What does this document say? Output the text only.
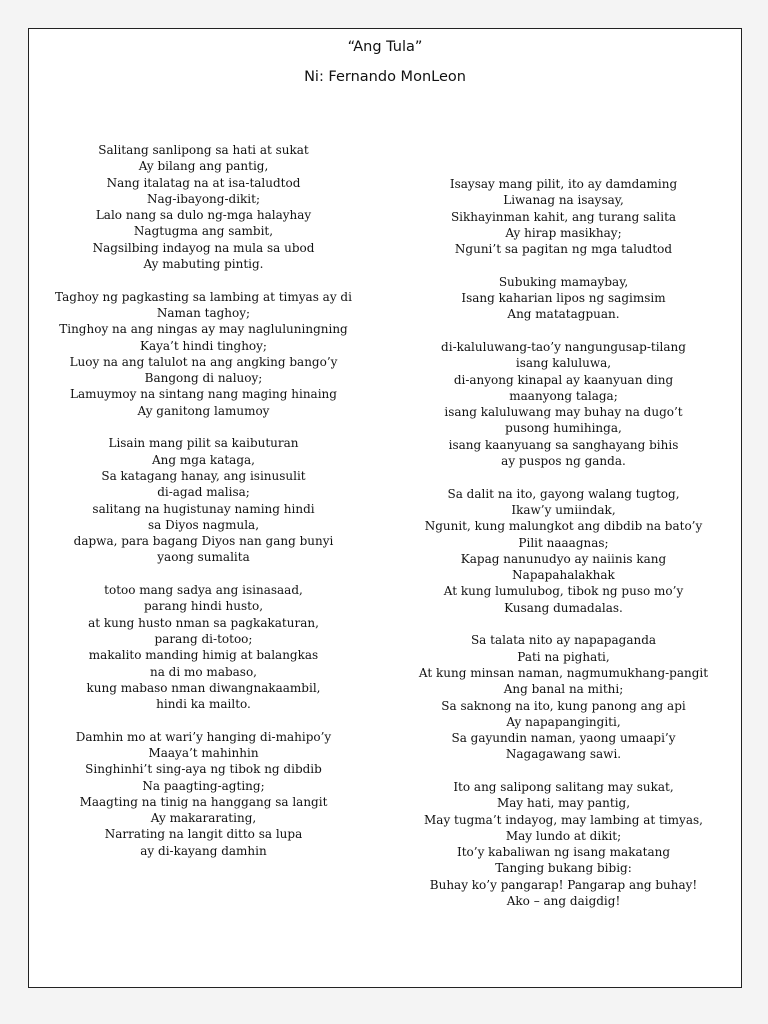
“Ang Tula”
Ni: Fernando MonLeon
Salitang sanlipong sa hati at sukat
Ay bilang ang pantig,
Nang italatag na at isa-taludtod
Nag-ibayong-dikit;
Lalo nang sa dulo ng-mga halayhay
Nagtugma ang sambit,
Nagsilbing indayog na mula sa ubod
Ay mabuting pintig.
Taghoy ng pagkasting sa lambing at timyas ay di
Naman taghoy;
Tinghoy na ang ningas ay may nagluluningning
Kaya’t hindi tinghoy;
Luoy na ang talulot na ang angking bango’y
Bangong di naluoy;
Lamuymoy na sintang nang maging hinaing
Ay ganitong lamumoy
Lisain mang pilit sa kaibuturan
Ang mga kataga,
Sa katagang hanay, ang isinusulit
di-agad malisa;
salitang na hugistunay naming hindi
sa Diyos nagmula,
dapwa, para bagang Diyos nan gang bunyi
yaong sumalita
totoo mang sadya ang isinasaad,
parang hindi husto,
at kung husto nman sa pagkakaturan,
parang di-totoo;
makalito manding himig at balangkas
na di mo mabaso,
kung mabaso nman diwangnakaambil,
hindi ka mailto.
Damhin mo at wari’y hanging di-mahipo’y
Maaya’t mahinhin
Singhinhi’t sing-aya ng tibok ng dibdib
Na paagting-agting;
Maagting na tinig na hanggang sa langit
Ay makararating,
Narrating na langit ditto sa lupa
ay di-kayang damhin
Isaysay mang pilit, ito ay damdaming
Liwanag na isaysay,
Sikhayinman kahit, ang turang salita
Ay hirap masikhay;
Nguni’t sa pagitan ng mga taludtod
Subuking mamaybay,
Isang kaharian lipos ng sagimsim
Ang matatagpuan.
di-kaluluwang-tao’y nangungusap-tilang
isang kaluluwa,
di-anyong kinapal ay kaanyuan ding
maanyong talaga;
isang kaluluwang may buhay na dugo’t
pusong humihinga,
isang kaanyuang sa sanghayang bihis
ay puspos ng ganda.
Sa dalit na ito, gayong walang tugtog,
Ikaw’y umiindak,
Ngunit, kung malungkot ang dibdib na bato’y
Pilit naaagnas;
Kapag nanunudyo ay naiinis kang
Napapahalakhak
At kung lumulubog, tibok ng puso mo’y
Kusang dumadalas.
Sa talata nito ay napapaganda
Pati na pighati,
At kung minsan naman, nagmumukhang-pangit
Ang banal na mithi;
Sa saknong na ito, kung panong ang api
Ay napapangingiti,
Sa gayundin naman, yaong umaapi’y
Nagagawang sawi.
Ito ang salipong salitang may sukat,
May hati, may pantig,
May tugma’t indayog, may lambing at timyas,
May lundo at dikit;
Ito’y kabaliwan ng isang makatang
Tanging bukang bibig:
Buhay ko’y pangarap! Pangarap ang buhay!
Ako – ang daigdig!
